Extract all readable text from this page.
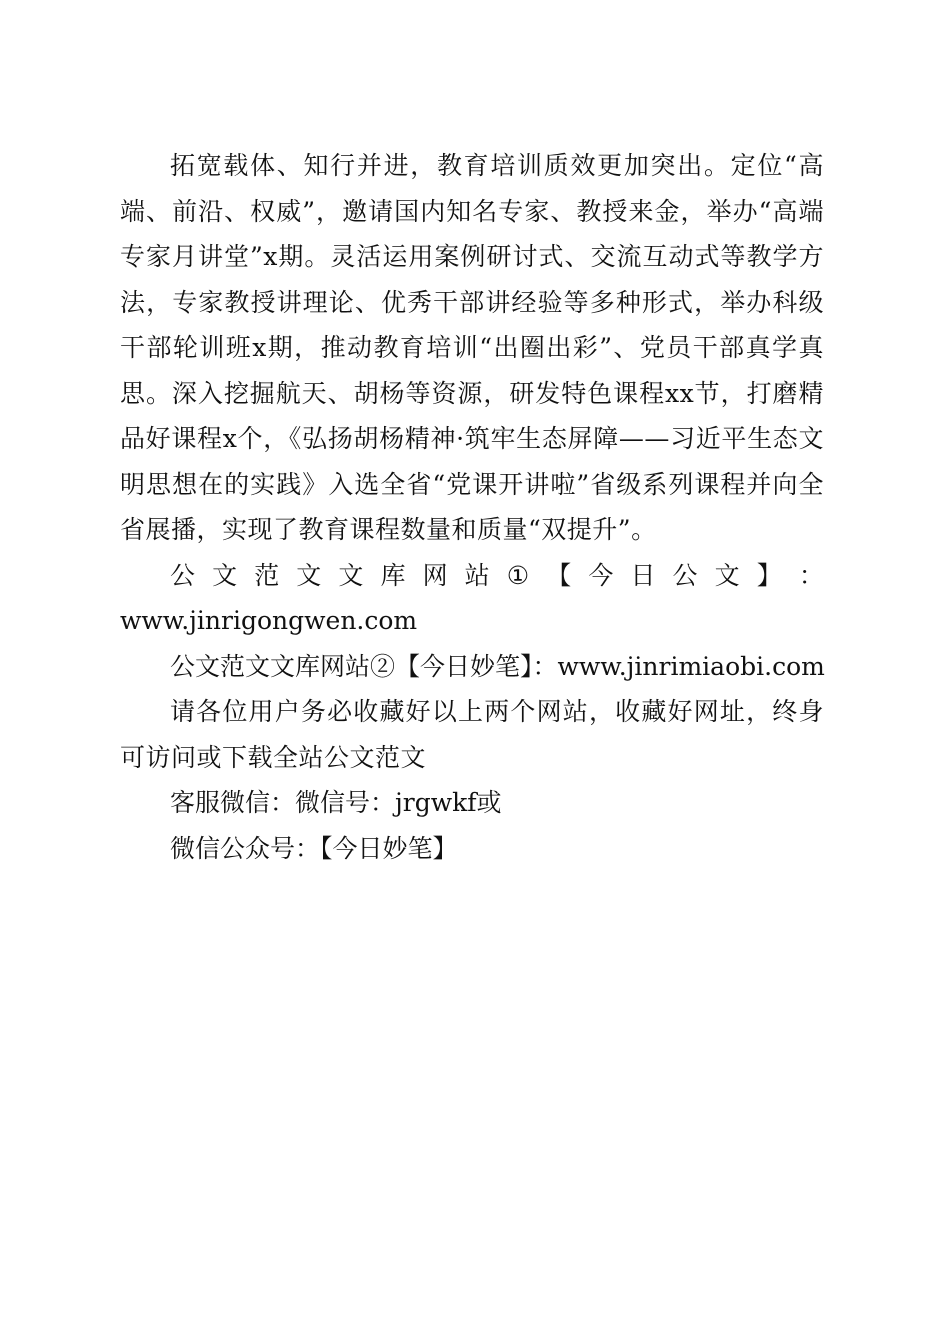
拓宽载体、知行并进，教育培训质效更加突出。定位“高端、前沿、权威”，邀请国内知名专家、教授来金，举办“高端专家月讲堂”x期。灵活运用案例研讨式、交流互动式等教学方法，专家教授讲理论、优秀干部讲经验等多种形式，举办科级干部轮训班x期，推动教育培训“出圈出彩”、党员干部真学真思。深入挖掘航天、胡杨等资源，研发特色课程xx节，打磨精品好课程x个，《弘扬胡杨精神·筑牢生态屏障——习近平生态文明思想在的实践》入选全省“党课开讲啦”省级系列课程并向全省展播，实现了教育课程数量和质量“双提升”。

公 文 范 文 文 库 网 站 ① 【 今 日 公 文 】 ：

www.jinrigongwen.com

公文范文文库网站②【今日妙笔】：www.jinrimiaobi.com

请各位用户务必收藏好以上两个网站，收藏好网址，终身可访问或下载全站公文范文

客服微信：微信号：jrgwkf或

微信公众号：【今日妙笔】
